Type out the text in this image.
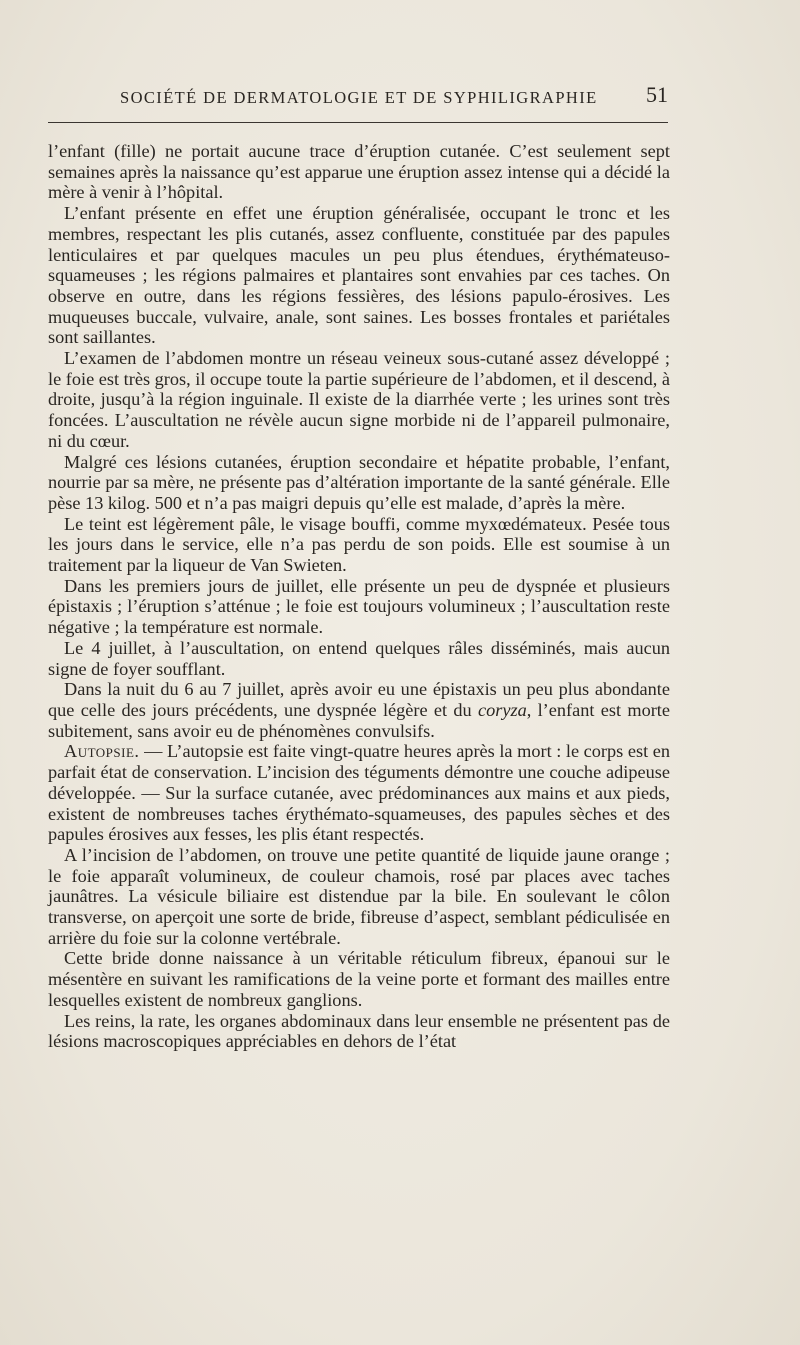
SOCIÉTÉ DE DERMATOLOGIE ET DE SYPHILIGRAPHIE 51

l’enfant (fille) ne portait aucune trace d’éruption cutanée. C’est seulement sept semaines après la naissance qu’est apparue une éruption assez intense qui a décidé la mère à venir à l’hôpital.

L’enfant présente en effet une éruption généralisée, occupant le tronc et les membres, respectant les plis cutanés, assez confluente, constituée par des papules lenticulaires et par quelques macules un peu plus étendues, érythémateuso-squameuses ; les régions palmaires et plantaires sont envahies par ces taches. On observe en outre, dans les régions fessières, des lésions papulo-érosives. Les muqueuses buccale, vulvaire, anale, sont saines. Les bosses frontales et pariétales sont saillantes.

L’examen de l’abdomen montre un réseau veineux sous-cutané assez développé ; le foie est très gros, il occupe toute la partie supérieure de l’abdomen, et il descend, à droite, jusqu’à la région inguinale. Il existe de la diarrhée verte ; les urines sont très foncées. L’auscultation ne révèle aucun signe morbide ni de l’appareil pulmonaire, ni du cœur.

Malgré ces lésions cutanées, éruption secondaire et hépatite probable, l’enfant, nourrie par sa mère, ne présente pas d’altération importante de la santé générale. Elle pèse 13 kilog. 500 et n’a pas maigri depuis qu’elle est malade, d’après la mère.

Le teint est légèrement pâle, le visage bouffi, comme myxœdémateux. Pesée tous les jours dans le service, elle n’a pas perdu de son poids. Elle est soumise à un traitement par la liqueur de Van Swieten.

Dans les premiers jours de juillet, elle présente un peu de dyspnée et plusieurs épistaxis ; l’éruption s’atténue ; le foie est toujours volumineux ; l’auscultation reste négative ; la température est normale.

Le 4 juillet, à l’auscultation, on entend quelques râles disséminés, mais aucun signe de foyer soufflant.

Dans la nuit du 6 au 7 juillet, après avoir eu une épistaxis un peu plus abondante que celle des jours précédents, une dyspnée légère et du coryza, l’enfant est morte subitement, sans avoir eu de phénomènes convulsifs.

Autopsie. — L’autopsie est faite vingt-quatre heures après la mort : le corps est en parfait état de conservation. L’incision des téguments démontre une couche adipeuse développée. — Sur la surface cutanée, avec prédominances aux mains et aux pieds, existent de nombreuses taches érythémato-squameuses, des papules sèches et des papules érosives aux fesses, les plis étant respectés.

A l’incision de l’abdomen, on trouve une petite quantité de liquide jaune orange ; le foie apparaît volumineux, de couleur chamois, rosé par places avec taches jaunâtres. La vésicule biliaire est distendue par la bile. En soulevant le côlon transverse, on aperçoit une sorte de bride, fibreuse d’aspect, semblant pédiculisée en arrière du foie sur la colonne vertébrale.

Cette bride donne naissance à un véritable réticulum fibreux, épanoui sur le mésentère en suivant les ramifications de la veine porte et formant des mailles entre lesquelles existent de nombreux ganglions.

Les reins, la rate, les organes abdominaux dans leur ensemble ne présentent pas de lésions macroscopiques appréciables en dehors de l’état
